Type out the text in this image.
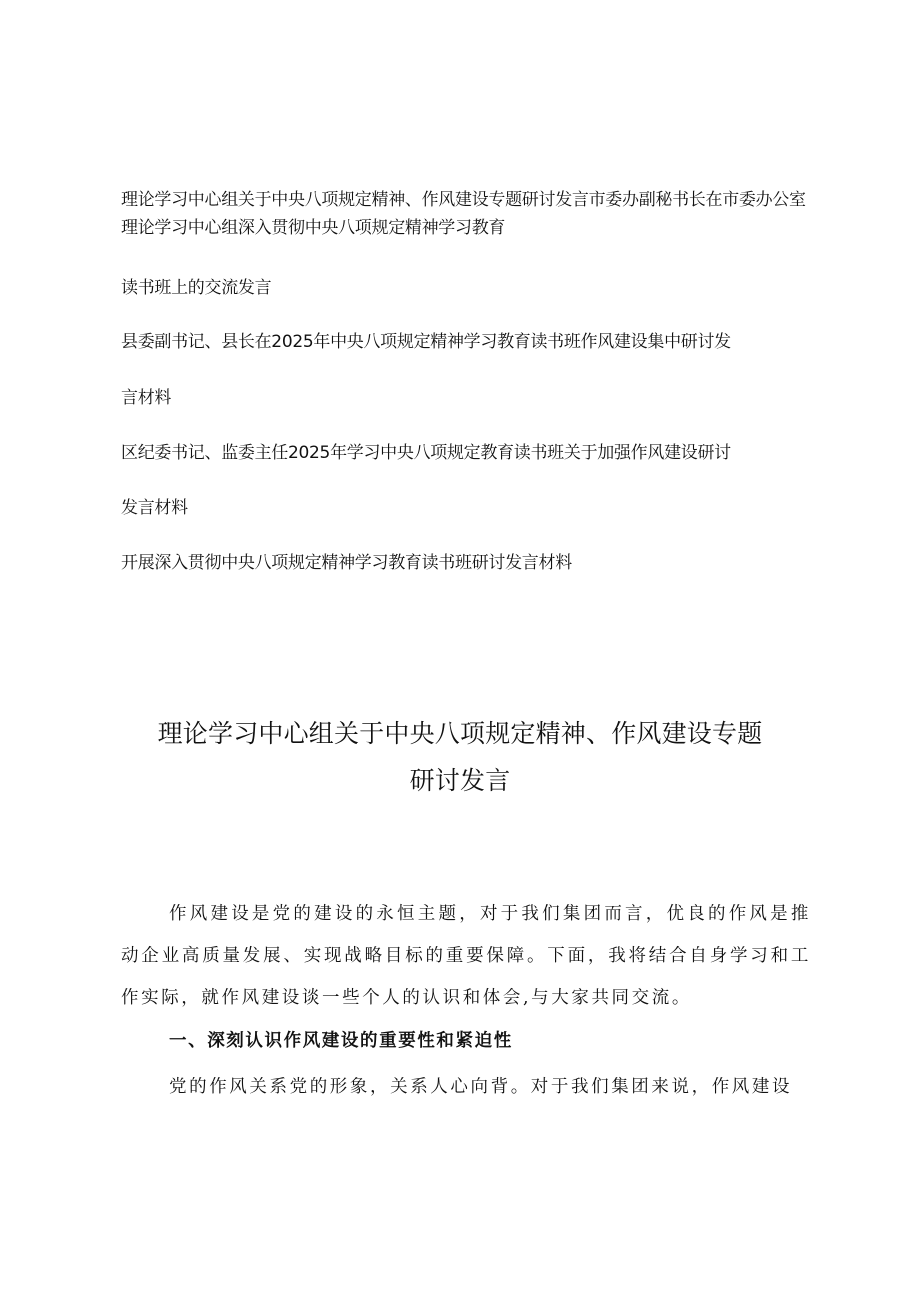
理论学习中心组关于中央八项规定精神、作风建设专题研讨发言市委办副秘书长在市委办公室理论学习中心组深入贯彻中央八项规定精神学习教育
读书班上的交流发言
县委副书记、县长在2025年中央八项规定精神学习教育读书班作风建设集中研讨发
言材料
区纪委书记、监委主任2025年学习中央八项规定教育读书班关于加强作风建设研讨
发言材料
开展深入贯彻中央八项规定精神学习教育读书班研讨发言材料
理论学习中心组关于中央八项规定精神、作风建设专题
研讨发言
作风建设是党的建设的永恒主题，对于我们集团而言，优良的作风是推动企业高质量发展、实现战略目标的重要保障。下面，我将结合自身学习和工作实际，就作风建设谈一些个人的认识和体会,与大家共同交流。
一、深刻认识作风建设的重要性和紧迫性
党的作风关系党的形象，关系人心向背。对于我们集团来说，作风建设
